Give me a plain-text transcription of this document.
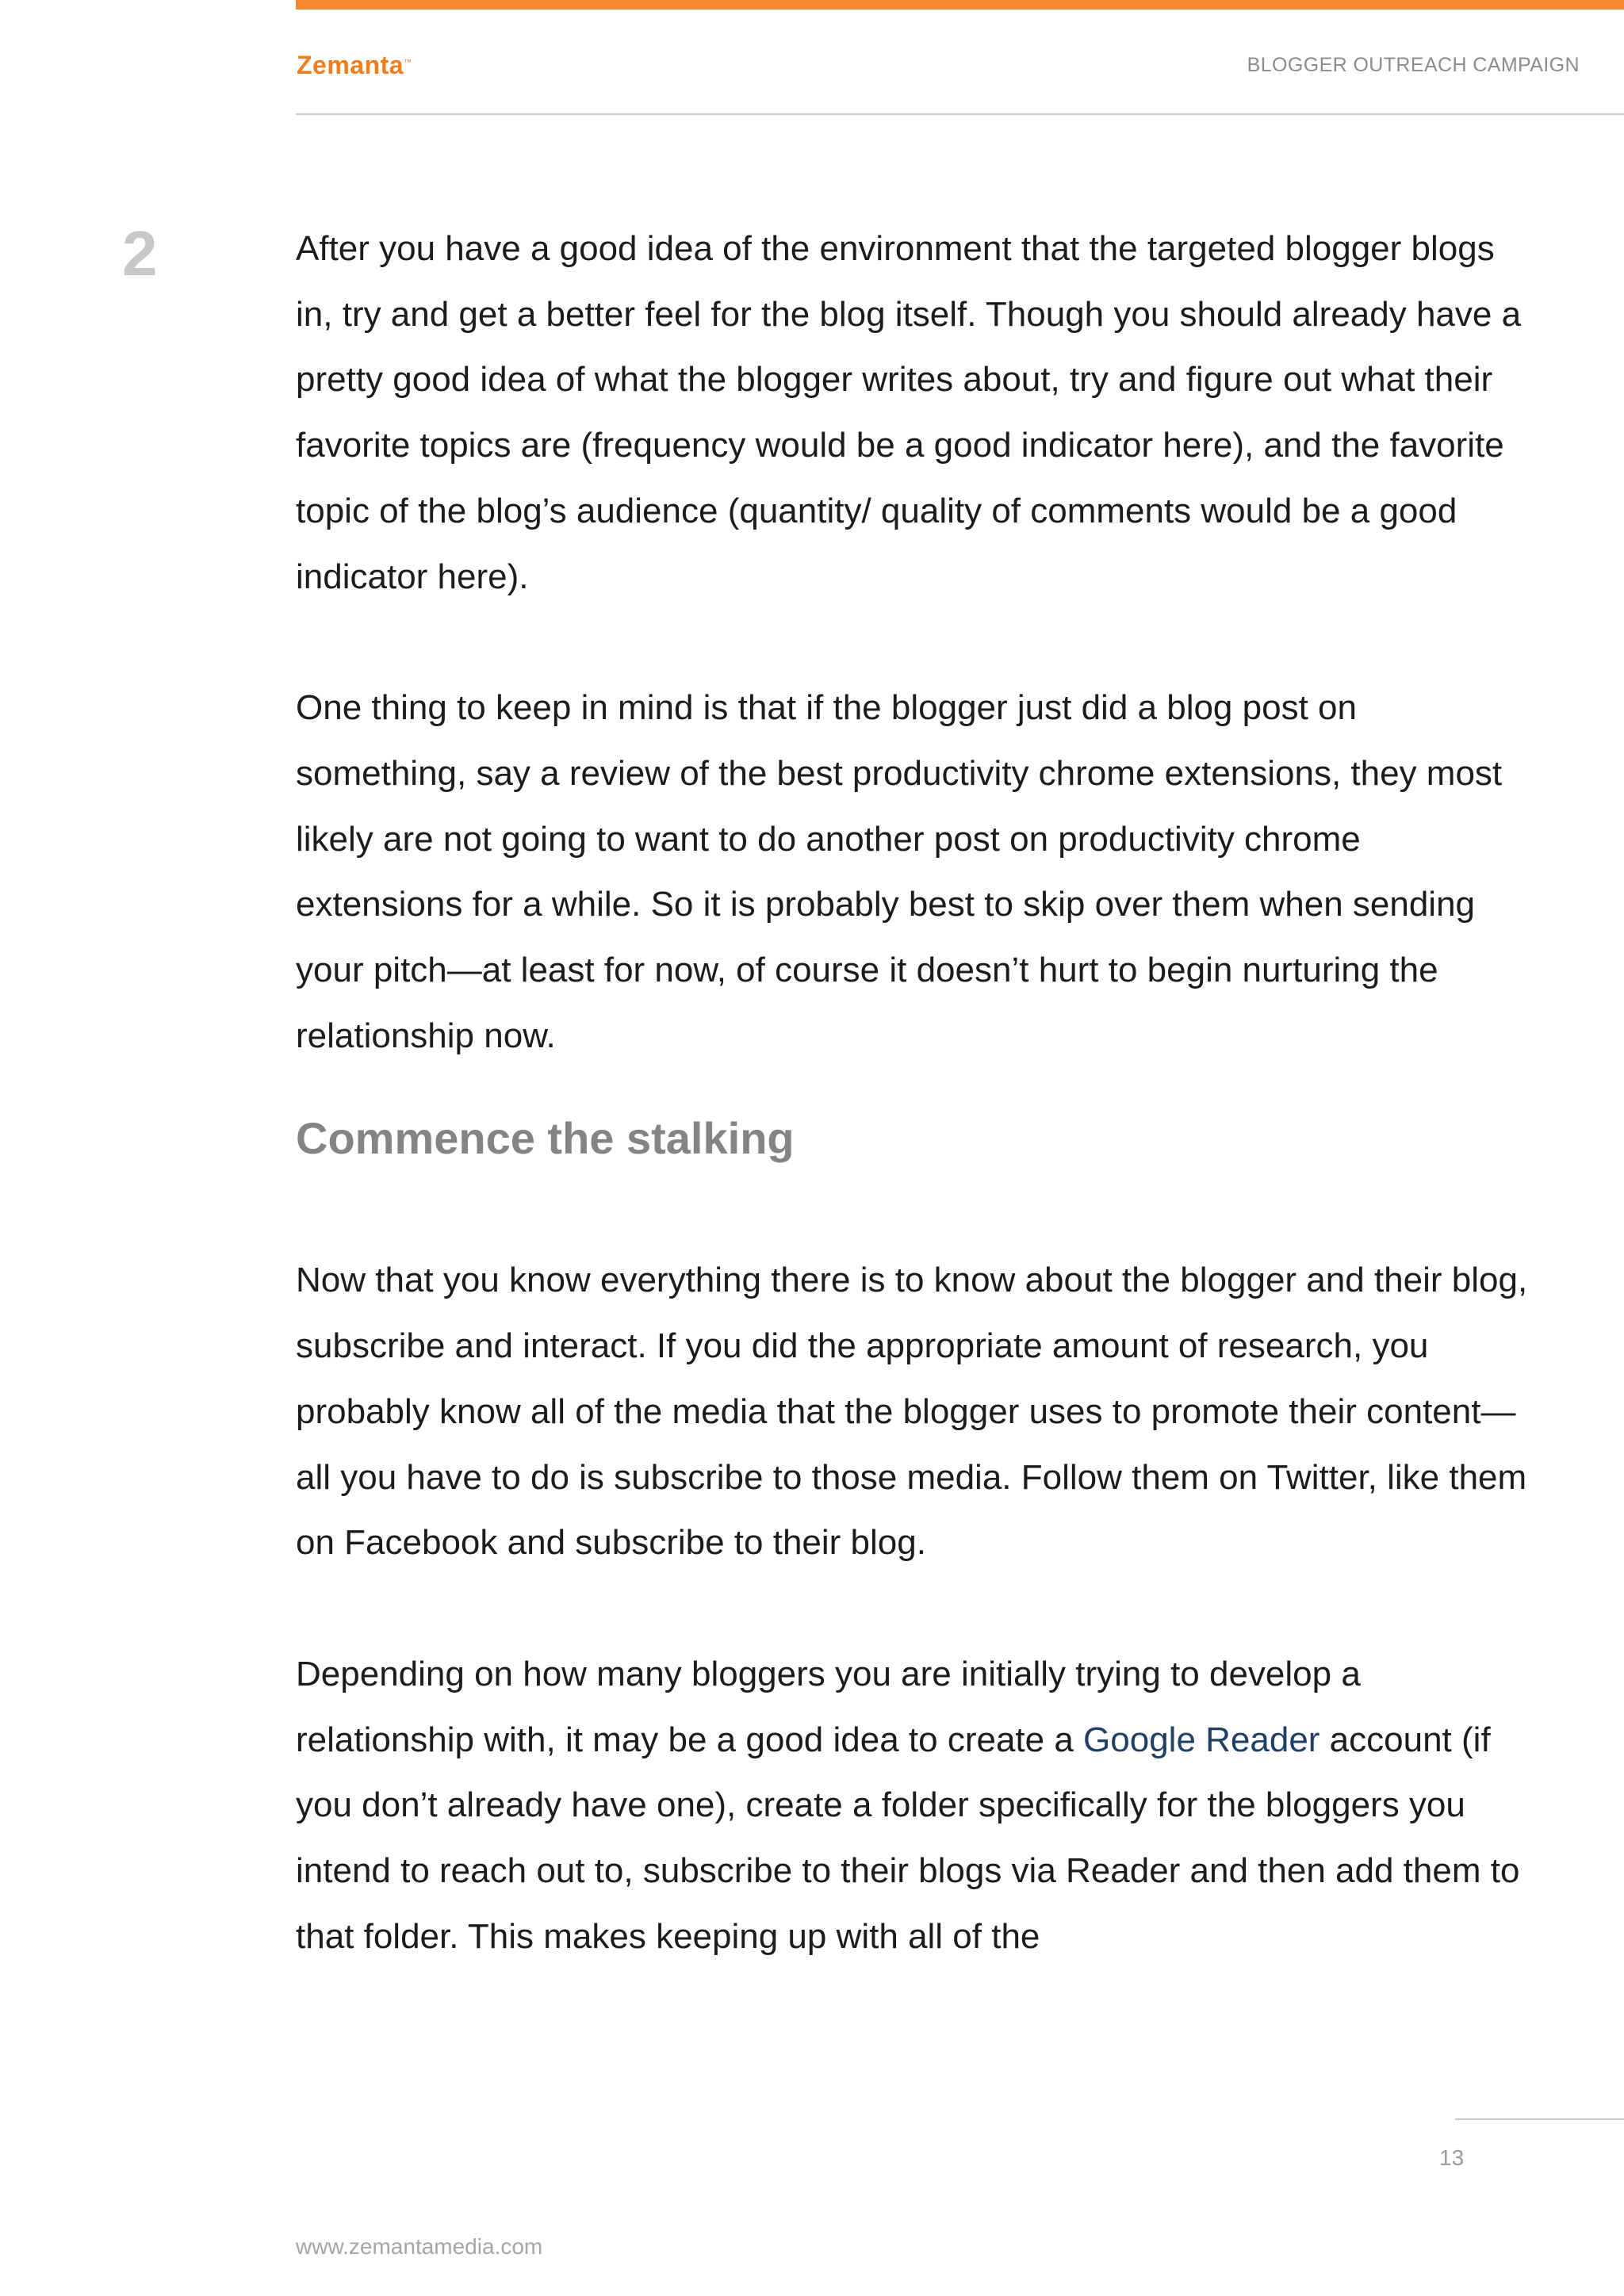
Zemanta™	BLOGGER OUTREACH CAMPAIGN
2	After you have a good idea of the environment that the targeted blogger blogs in, try and get a better feel for the blog itself. Though you should already have a pretty good idea of what the blogger writes about, try and figure out what their favorite topics are (frequency would be a good indicator here), and the favorite topic of the blog’s audience (quantity/ quality of comments would be a good indicator here).

One thing to keep in mind is that if the blogger just did a blog post on something, say a review of the best productivity chrome extensions, they most likely are not going to want to do another post on productivity chrome extensions for a while. So it is probably best to skip over them when sending your pitch—at least for now, of course it doesn’t hurt to begin nurturing the relationship now.

Commence the stalking

Now that you know everything there is to know about the blogger and their blog, subscribe and interact. If you did the appropriate amount of research, you probably know all of the media that the blogger uses to promote their content—all you have to do is subscribe to those media. Follow them on Twitter, like them on Facebook and subscribe to their blog.

Depending on how many bloggers you are initially trying to develop a relationship with, it may be a good idea to create a Google Reader account (if you don’t already have one), create a folder specifically for the bloggers you intend to reach out to, subscribe to their blogs via Reader and then add them to that folder. This makes keeping up with all of the

13
www.zemantamedia.com
